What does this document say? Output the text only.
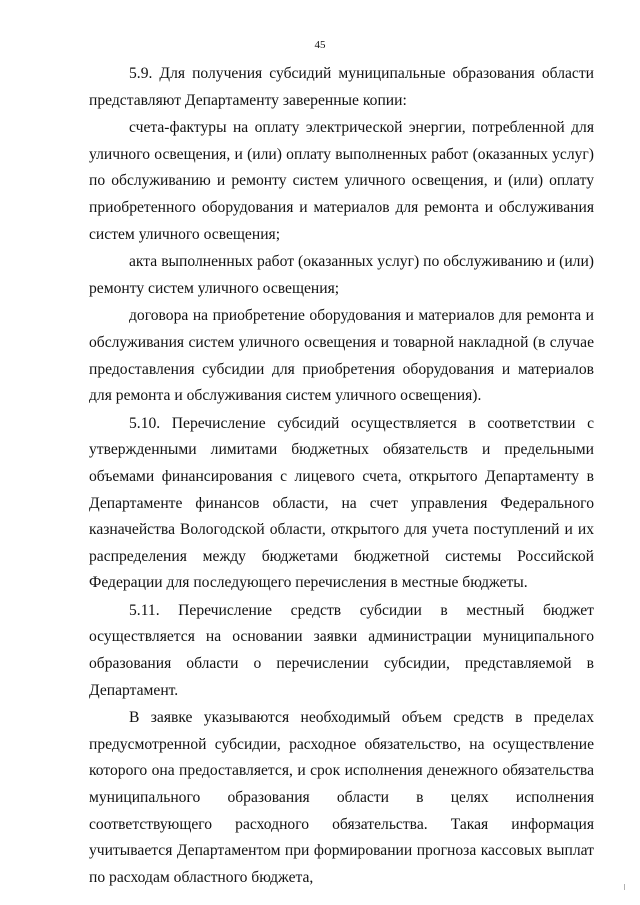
45

5.9. Для получения субсидий муниципальные образования области представляют Департаменту заверенные копии:

счета-фактуры на оплату электрической энергии, потребленной для уличного освещения, и (или) оплату выполненных работ (оказанных услуг) по обслуживанию и ремонту систем уличного освещения, и (или) оплату приобретенного оборудования и материалов для ремонта и обслуживания систем уличного освещения;

акта выполненных работ (оказанных услуг) по обслуживанию и (или) ремонту систем уличного освещения;

договора на приобретение оборудования и материалов для ремонта и обслуживания систем уличного освещения и товарной накладной (в случае предоставления субсидии для приобретения оборудования и материалов для ремонта и обслуживания систем уличного освещения).

5.10. Перечисление субсидий осуществляется в соответствии с утвержденными лимитами бюджетных обязательств и предельными объемами финансирования с лицевого счета, открытого Департаменту в Департаменте финансов области, на счет управления Федерального казначейства Вологодской области, открытого для учета поступлений и их распределения между бюджетами бюджетной системы Российской Федерации для последующего перечисления в местные бюджеты.

5.11. Перечисление средств субсидии в местный бюджет осуществляется на основании заявки администрации муниципального образования области о перечислении субсидии, представляемой в Департамент.

В заявке указываются необходимый объем средств в пределах предусмотренной субсидии, расходное обязательство, на осуществление которого она предоставляется, и срок исполнения денежного обязательства муниципального образования области в целях исполнения соответствующего расходного обязательства. Такая информация учитывается Департаментом при формировании прогноза кассовых выплат по расходам областного бюджета,
